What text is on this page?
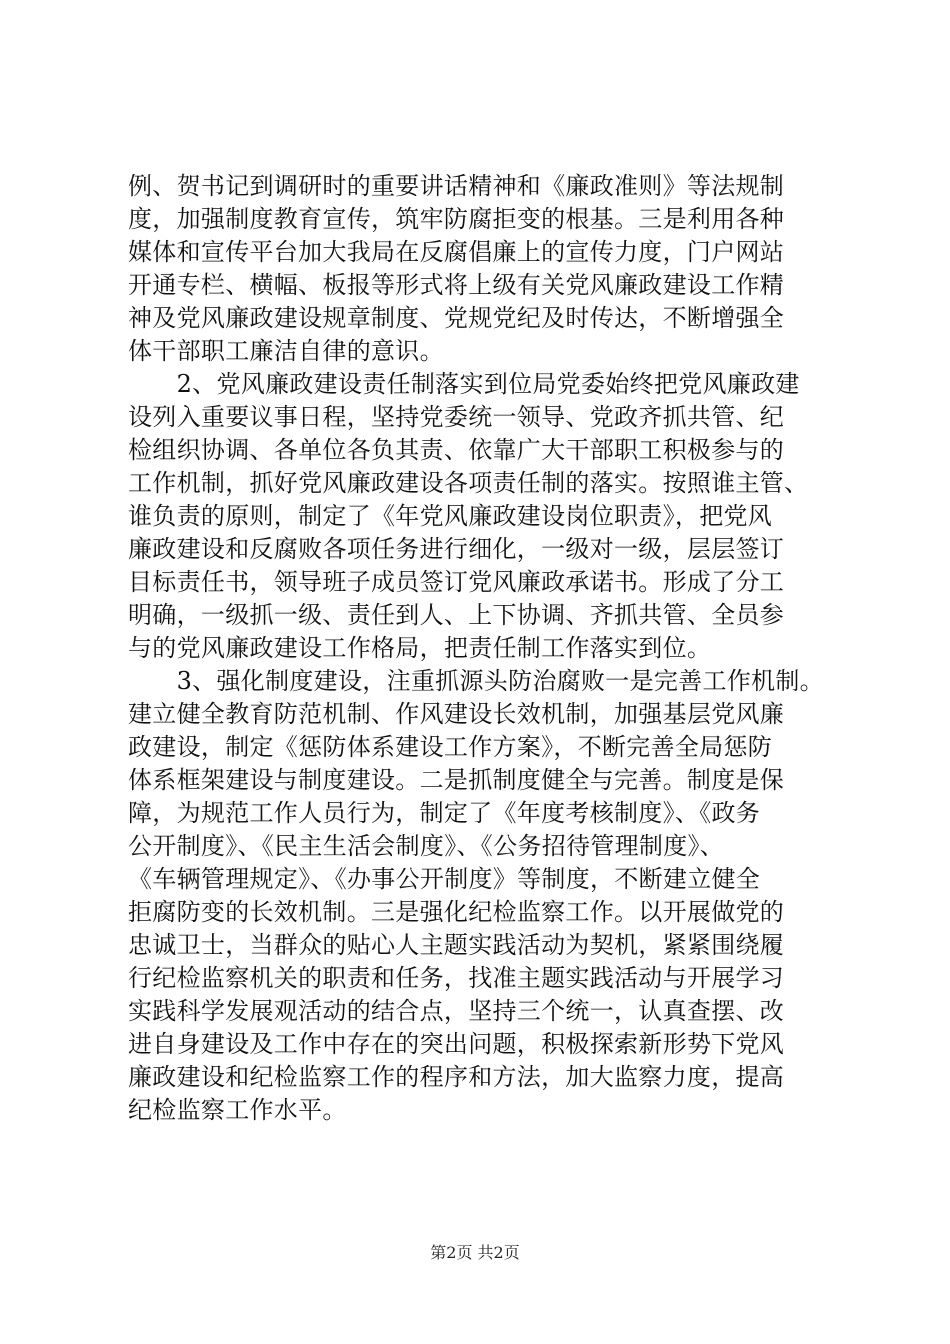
例、贺书记到调研时的重要讲话精神和《廉政准则》等法规制
度，加强制度教育宣传，筑牢防腐拒变的根基。三是利用各种
媒体和宣传平台加大我局在反腐倡廉上的宣传力度，门户网站
开通专栏、横幅、板报等形式将上级有关党风廉政建设工作精
神及党风廉政建设规章制度、党规党纪及时传达，不断增强全
体干部职工廉洁自律的意识。
　　2、党风廉政建设责任制落实到位局党委始终把党风廉政建
设列入重要议事日程，坚持党委统一领导、党政齐抓共管、纪
检组织协调、各单位各负其责、依靠广大干部职工积极参与的
工作机制，抓好党风廉政建设各项责任制的落实。按照谁主管、
谁负责的原则，制定了《年党风廉政建设岗位职责》，把党风
廉政建设和反腐败各项任务进行细化，一级对一级，层层签订
目标责任书，领导班子成员签订党风廉政承诺书。形成了分工
明确，一级抓一级、责任到人、上下协调、齐抓共管、全员参
与的党风廉政建设工作格局，把责任制工作落实到位。
　　3、强化制度建设，注重抓源头防治腐败一是完善工作机制。
建立健全教育防范机制、作风建设长效机制，加强基层党风廉
政建设，制定《惩防体系建设工作方案》，不断完善全局惩防
体系框架建设与制度建设。二是抓制度健全与完善。制度是保
障，为规范工作人员行为，制定了《年度考核制度》、《政务
公开制度》、《民主生活会制度》、《公务招待管理制度》、
《车辆管理规定》、《办事公开制度》等制度，不断建立健全
拒腐防变的长效机制。三是强化纪检监察工作。以开展做党的
忠诚卫士，当群众的贴心人主题实践活动为契机，紧紧围绕履
行纪检监察机关的职责和任务，找准主题实践活动与开展学习
实践科学发展观活动的结合点，坚持三个统一，认真查摆、改
进自身建设及工作中存在的突出问题，积极探索新形势下党风
廉政建设和纪检监察工作的程序和方法，加大监察力度，提高
纪检监察工作水平。
第2页 共2页
